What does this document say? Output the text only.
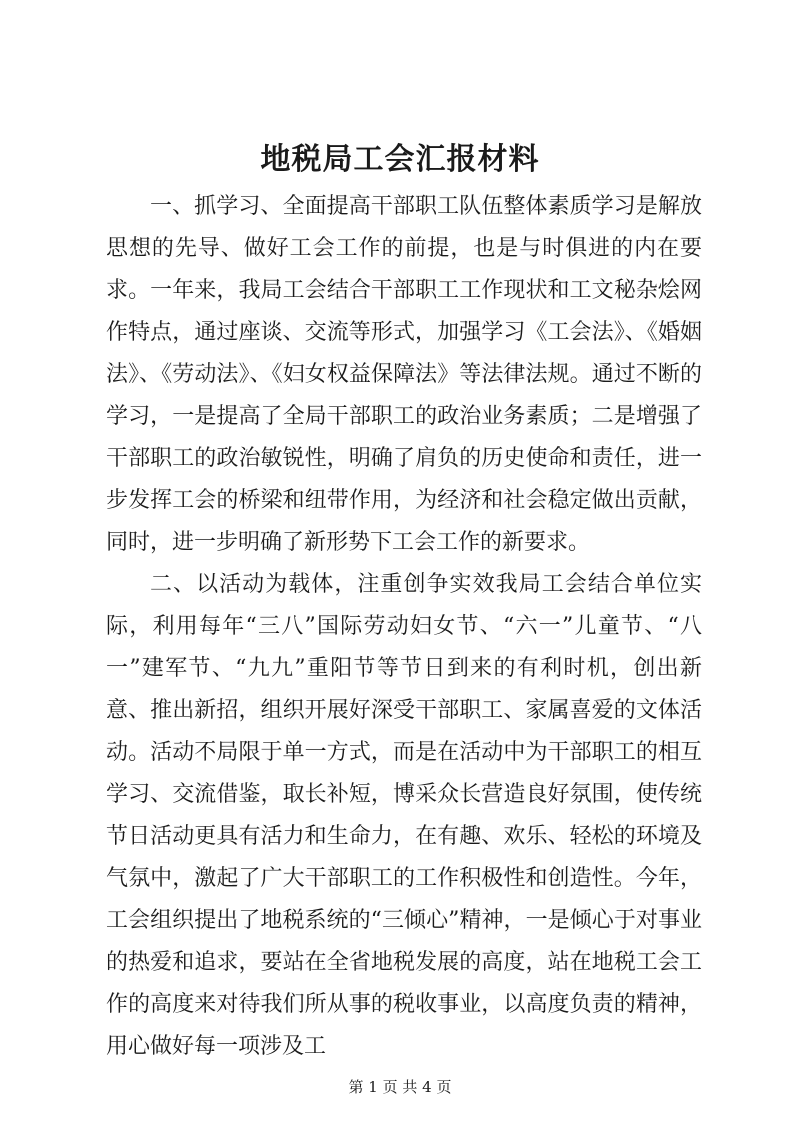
地税局工会汇报材料

一、抓学习、全面提高干部职工队伍整体素质学习是解放思想的先导、做好工会工作的前提，也是与时俱进的内在要求。一年来，我局工会结合干部职工工作现状和工文秘杂烩网作特点，通过座谈、交流等形式，加强学习《工会法》、《婚姻法》、《劳动法》、《妇女权益保障法》等法律法规。通过不断的学习，一是提高了全局干部职工的政治业务素质；二是增强了干部职工的政治敏锐性，明确了肩负的历史使命和责任，进一步发挥工会的桥梁和纽带作用，为经济和社会稳定做出贡献，同时，进一步明确了新形势下工会工作的新要求。

二、以活动为载体，注重创争实效我局工会结合单位实际，利用每年“三八”国际劳动妇女节、“六一”儿童节、“八一”建军节、“九九”重阳节等节日到来的有利时机，创出新意、推出新招，组织开展好深受干部职工、家属喜爱的文体活动。活动不局限于单一方式，而是在活动中为干部职工的相互学习、交流借鉴，取长补短，博采众长营造良好氛围，使传统节日活动更具有活力和生命力，在有趣、欢乐、轻松的环境及气氛中，激起了广大干部职工的工作积极性和创造性。今年，工会组织提出了地税系统的“三倾心”精神，一是倾心于对事业的热爱和追求，要站在全省地税发展的高度，站在地税工会工作的高度来对待我们所从事的税收事业，以高度负责的精神，用心做好每一项涉及工

第 1 页 共 4 页
